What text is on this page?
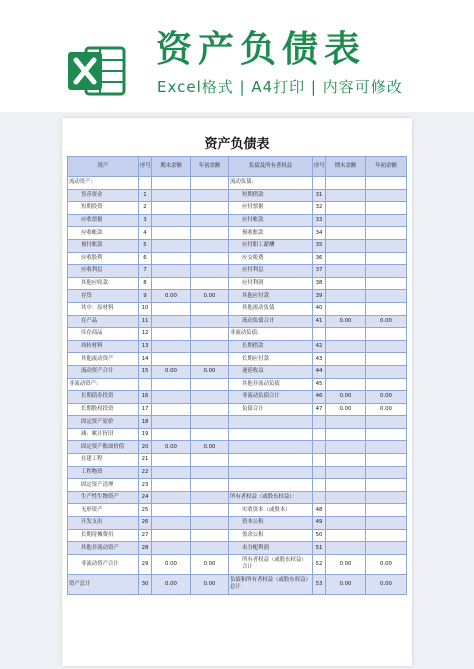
资产负债表
Excel格式 | A4打印 | 内容可修改
资产负债表
资产	序号	期末余额	年初余额	负债及所有者权益	序号	期末余额	年初余额
流动资产:				流动负债:			
货币资金	1			短期借款	31		
短期投资	2			应付票据	32		
应收票据	3			应付帐款	33		
应收帐款	4			预收账款	34		
预付账款	5			应付职工薪酬	35		
应收股利	6			应交税费	36		
应收利息	7			应付利息	37		
其他应收款	8			应付利润	38		
存货	9	0.00	0.00	其他应付款	39		
其中：原材料	10			其他流动负债	40		
在产品	11			流动负债合计	41	0.00	0.00
库存商品	12			非流动负债:			
周转材料	13			长期借款	42		
其他流动资产	14			长期应付款	43		
流动资产合计	15	0.00	0.00	递延收益	44		
非流动资产:				其他非流动负债	45		
长期债券投资	16			非流动负债合计	46	0.00	0.00
长期股权投资	17			负债合计	47	0.00	0.00
固定资产原价	18						
减：累计折旧	19						
固定资产账面价值	20	0.00	0.00				
在建工程	21						
工程物资	22						
固定资产清理	23						
生产性生物资产	24			所有者权益（或股东权益）：			
无形资产	25			实收资本（或股本）	48		
开发支出	26			资本公积	49		
长期待摊费用	27			盈余公积	50		
其他非流动资产	28			未分配利润	51		
非流动资产合计	29	0.00	0.00	所有者权益（或股东权益）合计	52	0.00	0.00
资产总计	30	0.00	0.00	负债和所有者权益（或股东权益）总计	53	0.00	0.00
